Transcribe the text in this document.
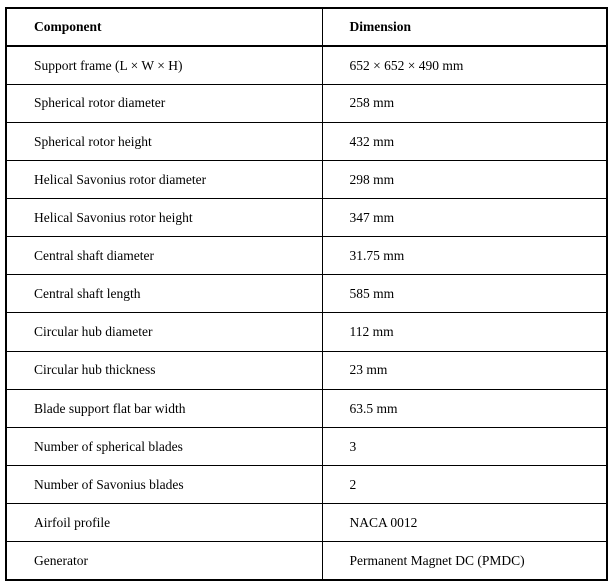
Component	Dimension
Support frame (L × W × H)	652 × 652 × 490 mm
Spherical rotor diameter	258 mm
Spherical rotor height	432 mm
Helical Savonius rotor diameter	298 mm
Helical Savonius rotor height	347 mm
Central shaft diameter	31.75 mm
Central shaft length	585 mm
Circular hub diameter	112 mm
Circular hub thickness	23 mm
Blade support flat bar width	63.5 mm
Number of spherical blades	3
Number of Savonius blades	2
Airfoil profile	NACA 0012
Generator	Permanent Magnet DC (PMDC)
